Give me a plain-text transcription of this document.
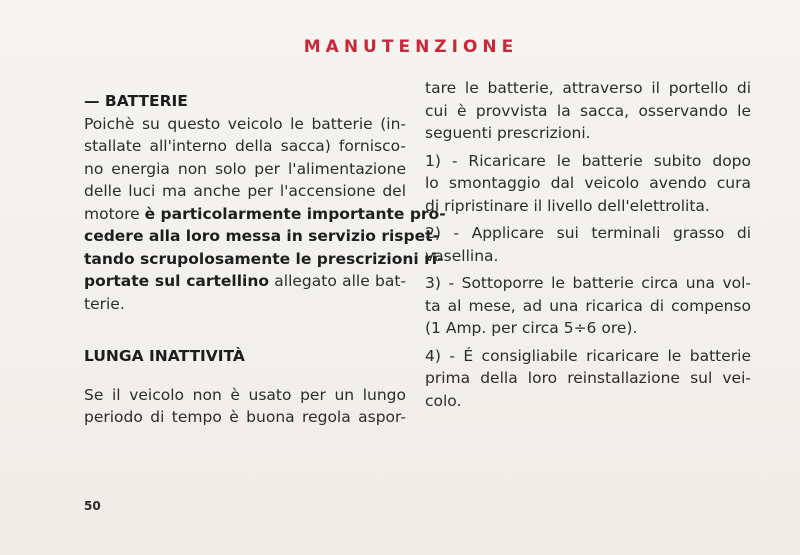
MANUTENZIONE
— BATTERIE
Poichè su questo veicolo le batterie (in-
stallate all'interno della sacca) fornisco-
no energia non solo per l'alimentazione
delle luci ma anche per l'accensione del
motore è particolarmente importante pro-
cedere alla loro messa in servizio rispet-
tando scrupolosamente le prescrizioni ri-
portate sul cartellino allegato alle bat-
terie.
LUNGA INATTIVITÀ
Se il veicolo non è usato per un lungo
periodo di tempo è buona regola aspor-
tare le batterie, attraverso il portello di
cui è provvista la sacca, osservando le
seguenti prescrizioni.
1) - Ricaricare le batterie subito dopo
lo smontaggio dal veicolo avendo cura
di ripristinare il livello dell'elettrolita.
2) - Applicare sui terminali grasso di
vasellina.
3) - Sottoporre le batterie circa una vol-
ta al mese, ad una ricarica di compenso
(1 Amp. per circa 5÷6 ore).
4) - É consigliabile ricaricare le batterie
prima della loro reinstallazione sul vei-
colo.
50
